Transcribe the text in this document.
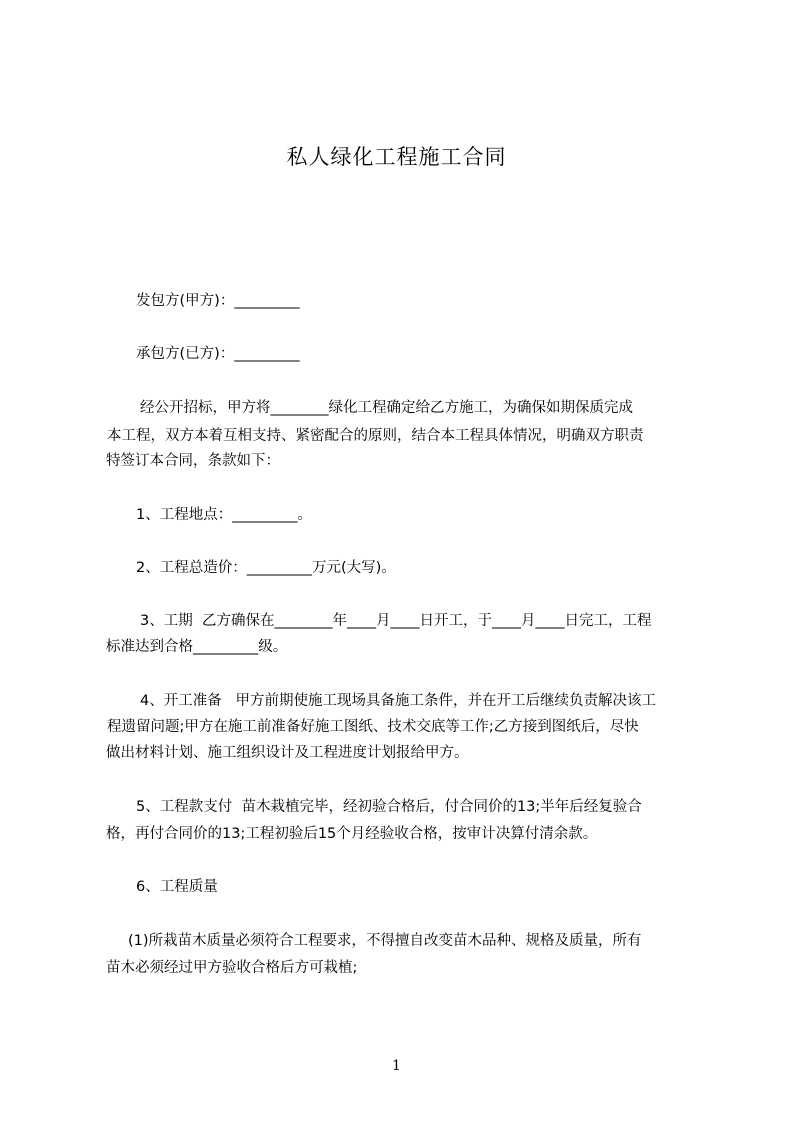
私人绿化工程施工合同
发包方(甲方)：_________
承包方(已方)：_________
经公开招标，甲方将________绿化工程确定给乙方施工，为确保如期保质完成
本工程，双方本着互相支持、紧密配合的原则，结合本工程具体情况，明确双方职责
特签订本合同，条款如下：
1、工程地点：_________。
2、工程总造价：_________万元(大写)。
3、工期  乙方确保在________年____月____日开工，于____月____日完工，工程
标准达到合格_________级。
4、开工准备   甲方前期使施工现场具备施工条件，并在开工后继续负责解决该工
程遗留问题;甲方在施工前准备好施工图纸、技术交底等工作;乙方接到图纸后，尽快
做出材料计划、施工组织设计及工程进度计划报给甲方。
5、工程款支付  苗木栽植完毕，经初验合格后，付合同价的13;半年后经复验合
格，再付合同价的13;工程初验后15个月经验收合格，按审计决算付清余款。
6、工程质量
(1)所栽苗木质量必须符合工程要求，不得擅自改变苗木品种、规格及质量，所有
苗木必须经过甲方验收合格后方可栽植;
1
